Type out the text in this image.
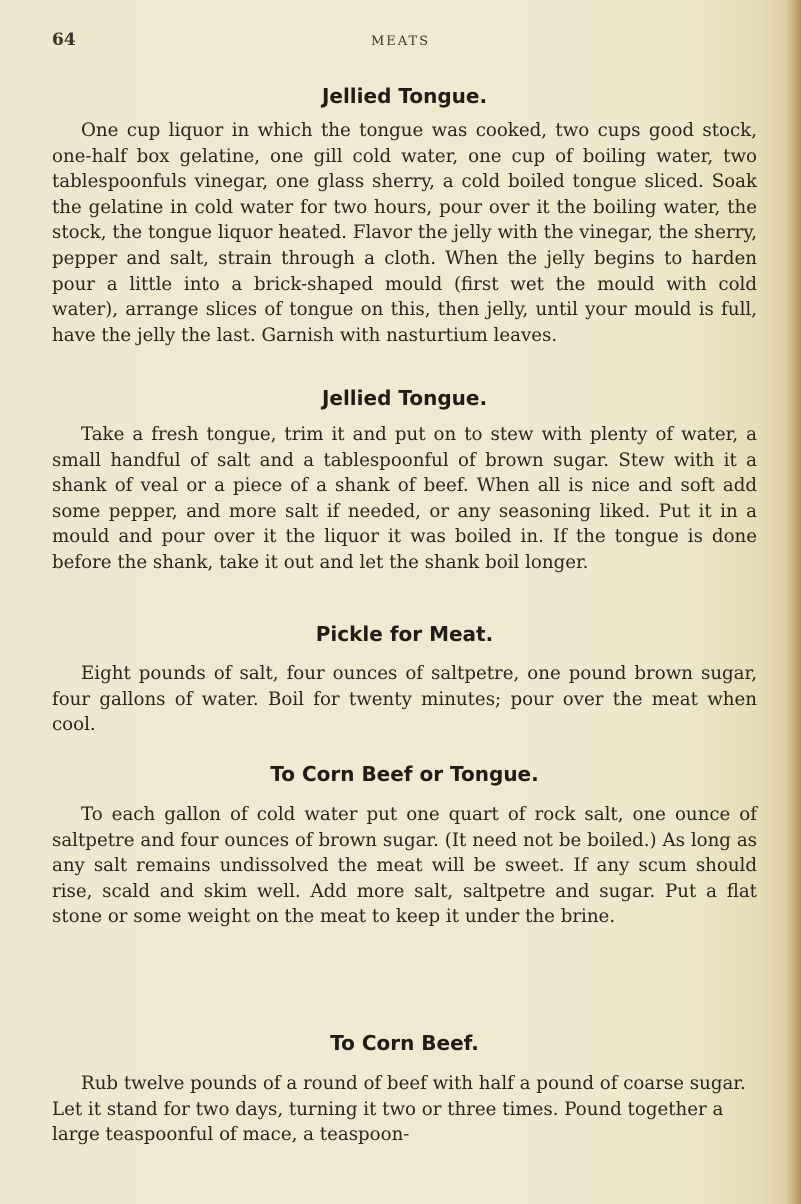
64	MEATS
Jellied Tongue.

One cup liquor in which the tongue was cooked, two cups good stock, one-half box gelatine, one gill cold water, one cup of boiling water, two tablespoonfuls vinegar, one glass sherry, a cold boiled tongue sliced. Soak the gelatine in cold water for two hours, pour over it the boiling water, the stock, the tongue liquor heated. Flavor the jelly with the vinegar, the sherry, pepper and salt, strain through a cloth. When the jelly begins to harden pour a little into a brick-shaped mould (first wet the mould with cold water), arrange slices of tongue on this, then jelly, until your mould is full, have the jelly the last. Garnish with nasturtium leaves.

Jellied Tongue.

Take a fresh tongue, trim it and put on to stew with plenty of water, a small handful of salt and a tablespoonful of brown sugar. Stew with it a shank of veal or a piece of a shank of beef. When all is nice and soft add some pepper, and more salt if needed, or any seasoning liked. Put it in a mould and pour over it the liquor it was boiled in. If the tongue is done before the shank, take it out and let the shank boil longer.

Pickle for Meat.

Eight pounds of salt, four ounces of saltpetre, one pound brown sugar, four gallons of water. Boil for twenty minutes; pour over the meat when cool.

To Corn Beef or Tongue.

To each gallon of cold water put one quart of rock salt, one ounce of saltpetre and four ounces of brown sugar. (It need not be boiled.) As long as any salt remains undissolved the meat will be sweet. If any scum should rise, scald and skim well. Add more salt, saltpetre and sugar. Put a flat stone or some weight on the meat to keep it under the brine.

To Corn Beef.

Rub twelve pounds of a round of beef with half a pound of coarse sugar. Let it stand for two days, turning it two or three times. Pound together a large teaspoonful of mace, a teaspoon-
